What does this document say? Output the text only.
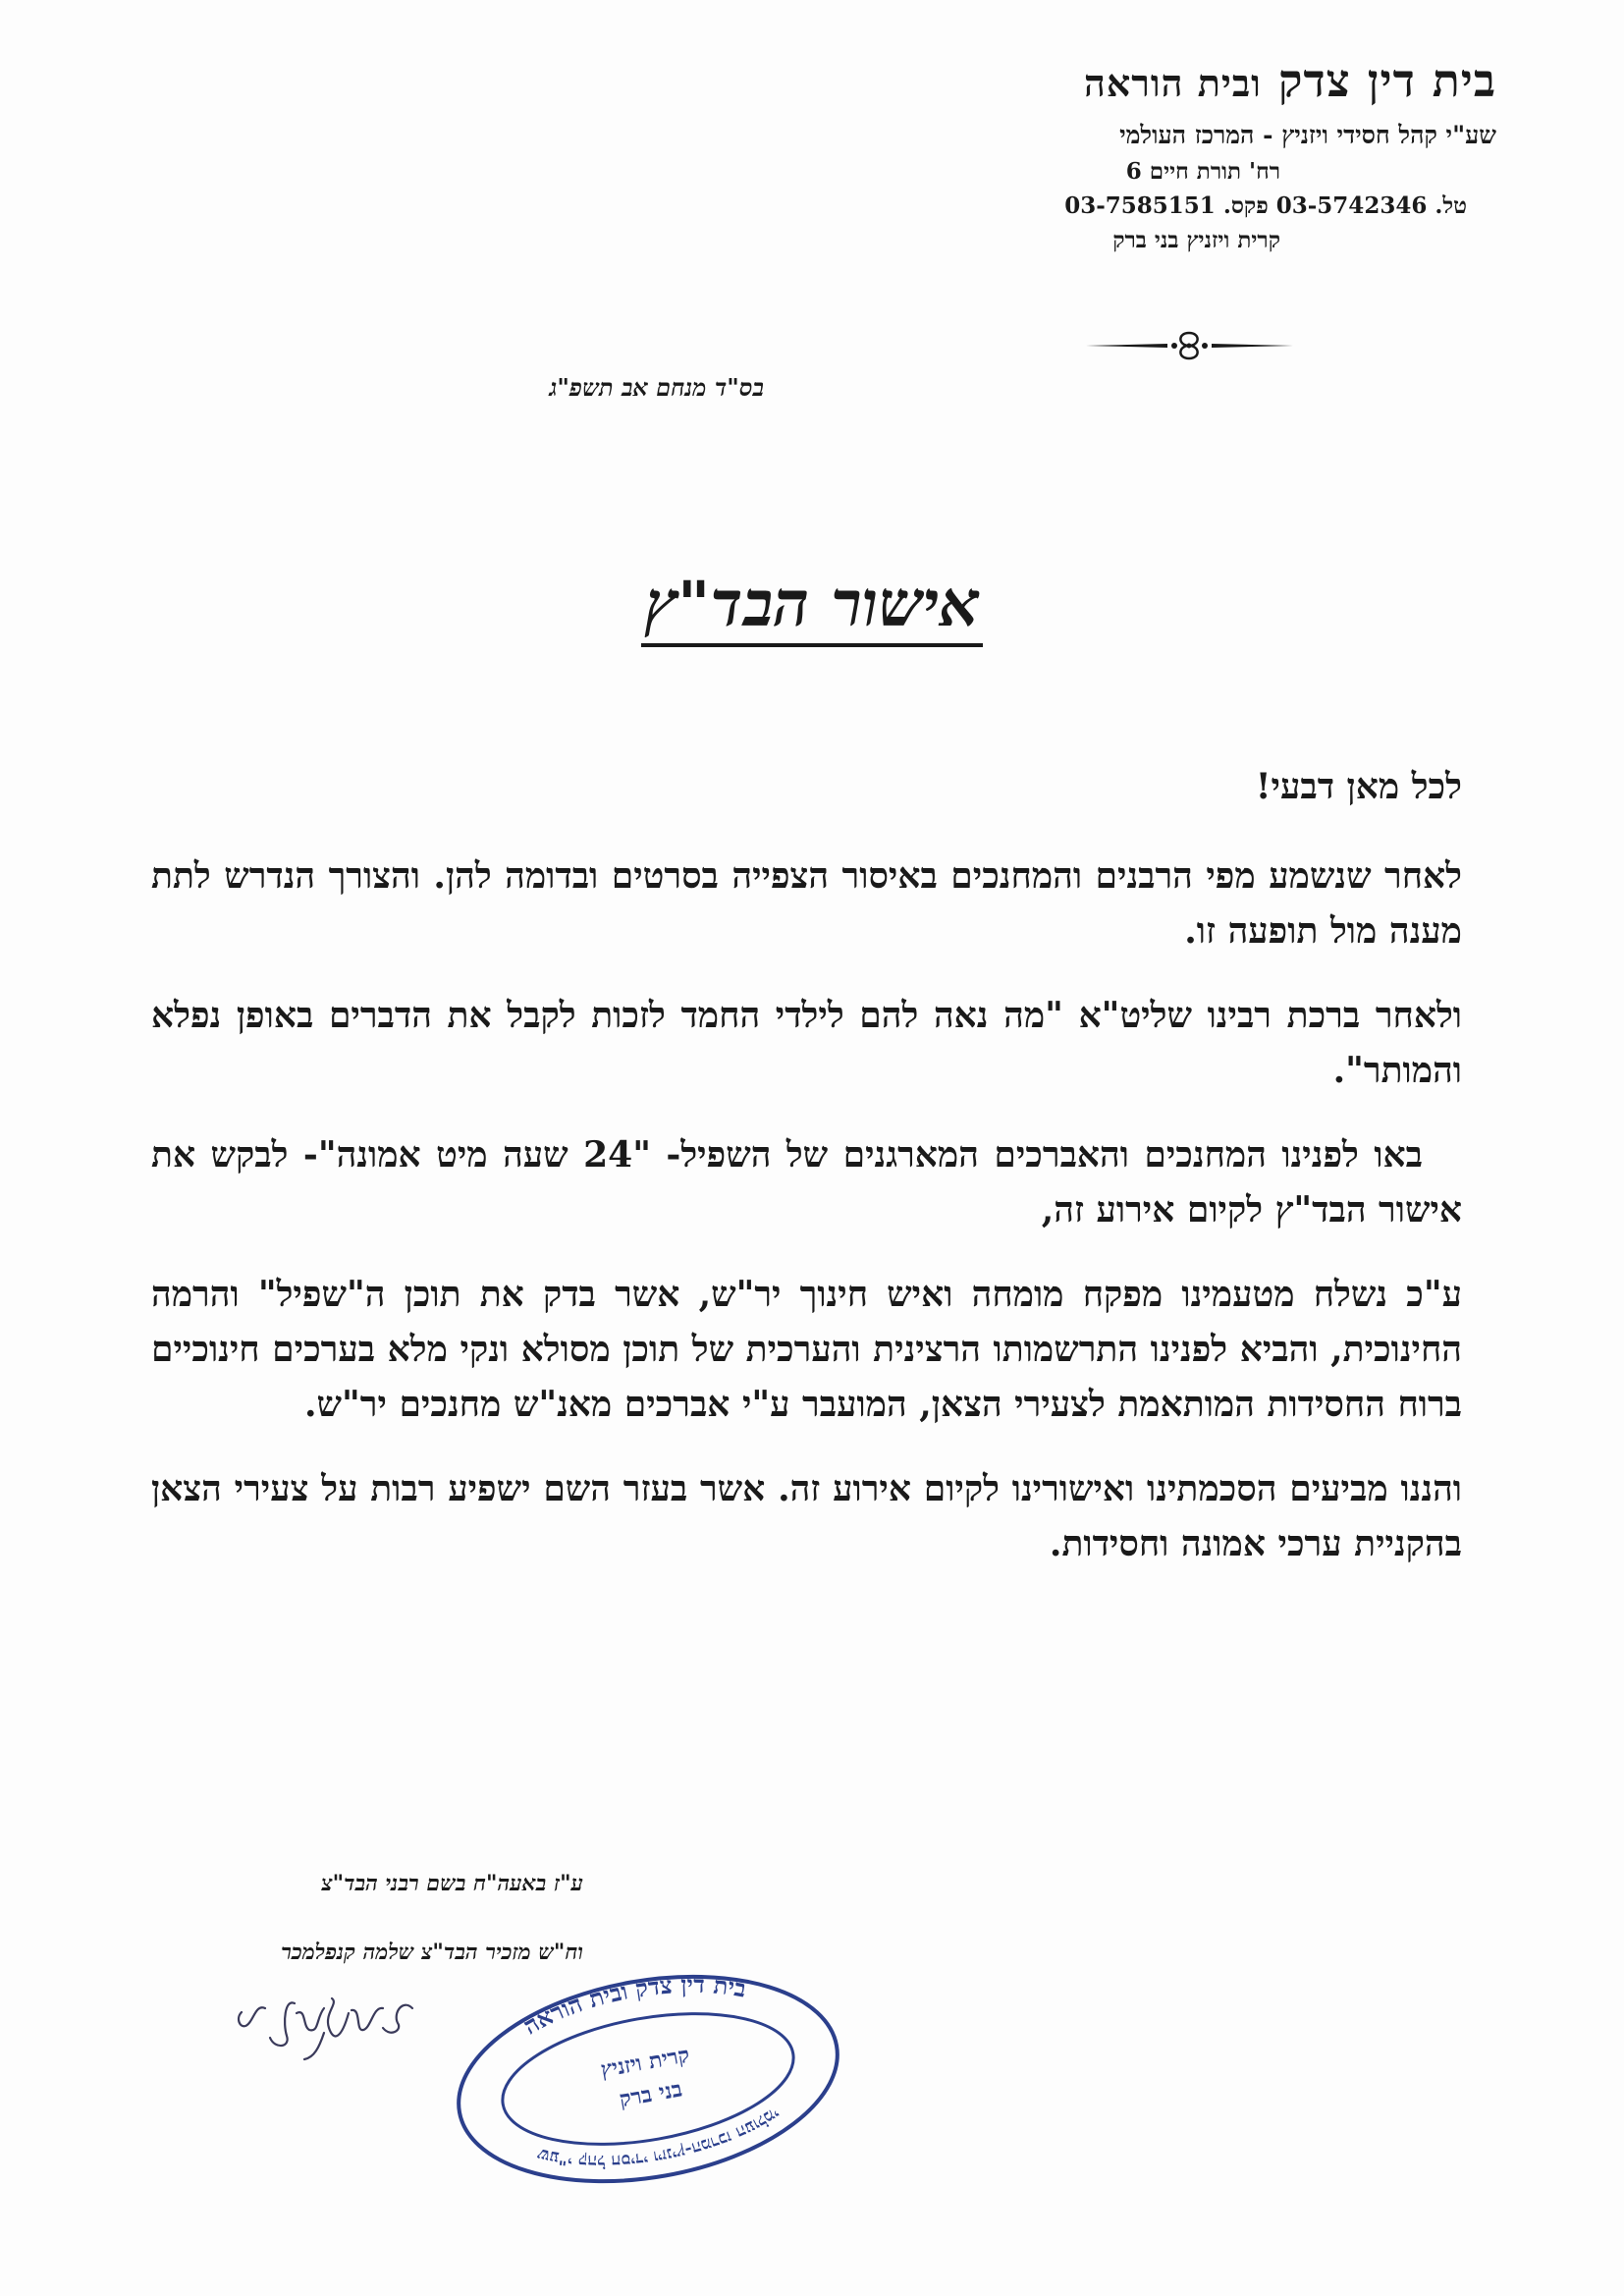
בית דין צדק ובית הוראה
שע"י קהל חסידי ויזניץ - המרכז העולמי
רח' תורת חיים 6
טל. 03-5742346 פקס. 03-7585151
קרית ויזניץ בני ברק
בס"ד מנחם אב תשפ"ג
אישור הבד"ץ
לכל מאן דבעי!

לאחר שנשמע מפי הרבנים והמחנכים באיסור הצפייה בסרטים ובדומה להן. והצורך הנדרש לתת מענה מול תופעה זו.

ולאחר ברכת רבינו שליט"א "מה נאה להם לילדי החמד לזכות לקבל את הדברים באופן נפלא והמותר".

באו לפנינו המחנכים והאברכים המארגנים של השפיל- "24 שעה מיט אמונה"- לבקש את אישור הבד"ץ לקיום אירוע זה,

ע"כ נשלח מטעמינו מפקח מומחה ואיש חינוך יר"ש, אשר בדק את תוכן ה"שפיל" והרמה החינוכית, והביא לפנינו התרשמותו הרצינית והערכית של תוכן מסולא ונקי מלא בערכים חינוכיים ברוח החסידות המותאמת לצעירי הצאן, המועבר ע"י אברכים מאנ"ש מחנכים יר"ש.

והננו מביעים הסכמתינו ואישורינו לקיום אירוע זה. אשר בעזר השם ישפיע רבות על צעירי הצאן בהקניית ערכי אמונה וחסידות.

ע"ז באעה"ח בשם רבני הבד"צ
וח"ש מזכיר הבד"צ שלמה קנפלמכר
בית דין צדק ובית הוראה
שע"י קהל חסידי ויזניץ-המרכז העולמי
קרית ויזניץ
בני ברק
